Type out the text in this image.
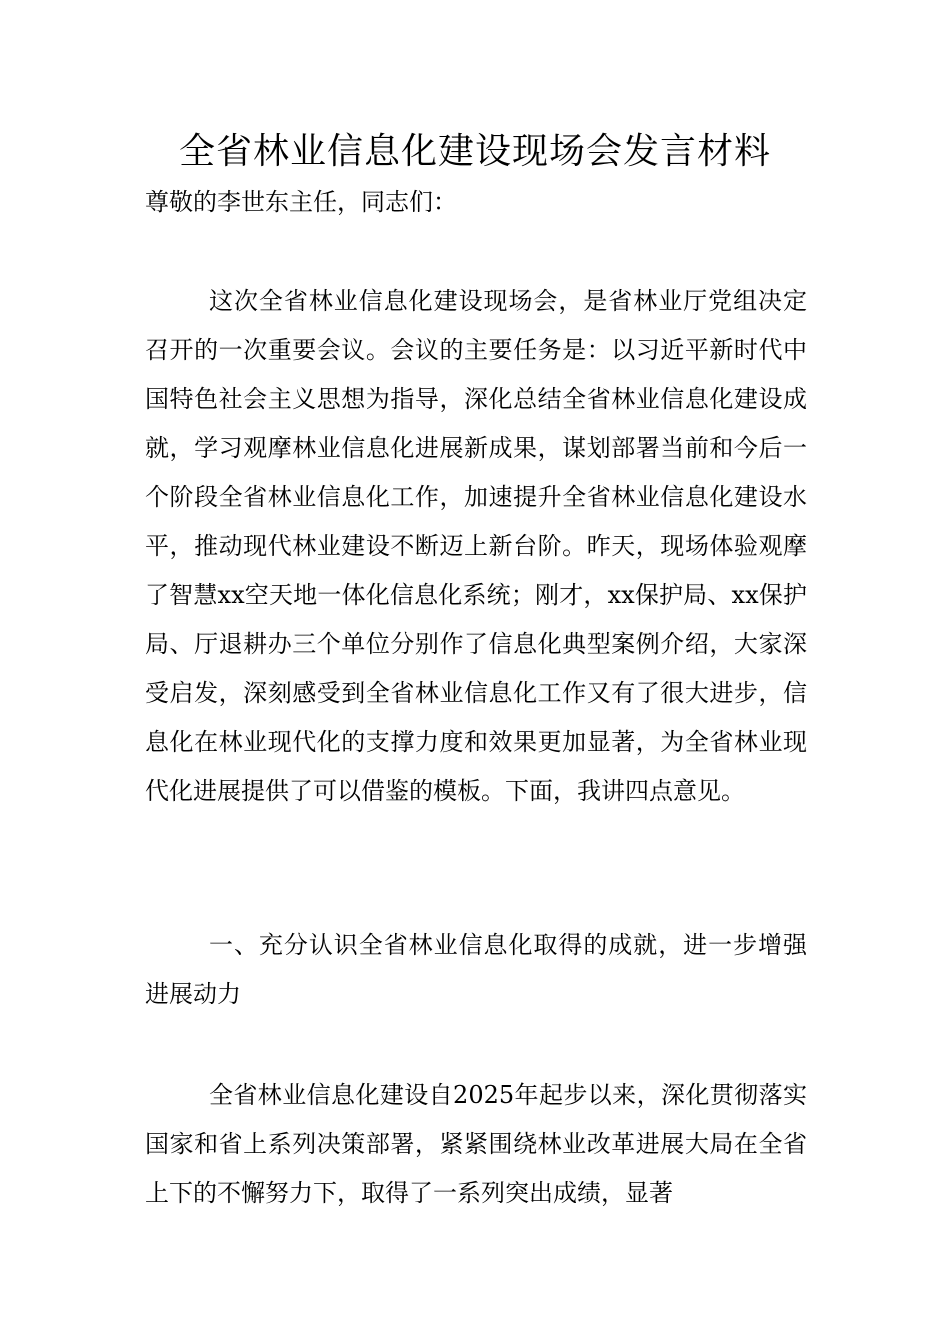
全省林业信息化建设现场会发言材料

尊敬的李世东主任，同志们：

这次全省林业信息化建设现场会，是省林业厅党组决定召开的一次重要会议。会议的主要任务是：以习近平新时代中国特色社会主义思想为指导，深化总结全省林业信息化建设成就，学习观摩林业信息化进展新成果，谋划部署当前和今后一个阶段全省林业信息化工作，加速提升全省林业信息化建设水平，推动现代林业建设不断迈上新台阶。昨天，现场体验观摩了智慧xx空天地一体化信息化系统；刚才，xx保护局、xx保护局、厅退耕办三个单位分别作了信息化典型案例介绍，大家深受启发，深刻感受到全省林业信息化工作又有了很大进步，信息化在林业现代化的支撑力度和效果更加显著，为全省林业现代化进展提供了可以借鉴的模板。下面，我讲四点意见。

一、充分认识全省林业信息化取得的成就，进一步增强进展动力

全省林业信息化建设自2025年起步以来，深化贯彻落实国家和省上系列决策部署，紧紧围绕林业改革进展大局在全省上下的不懈努力下，取得了一系列突出成绩，显著
